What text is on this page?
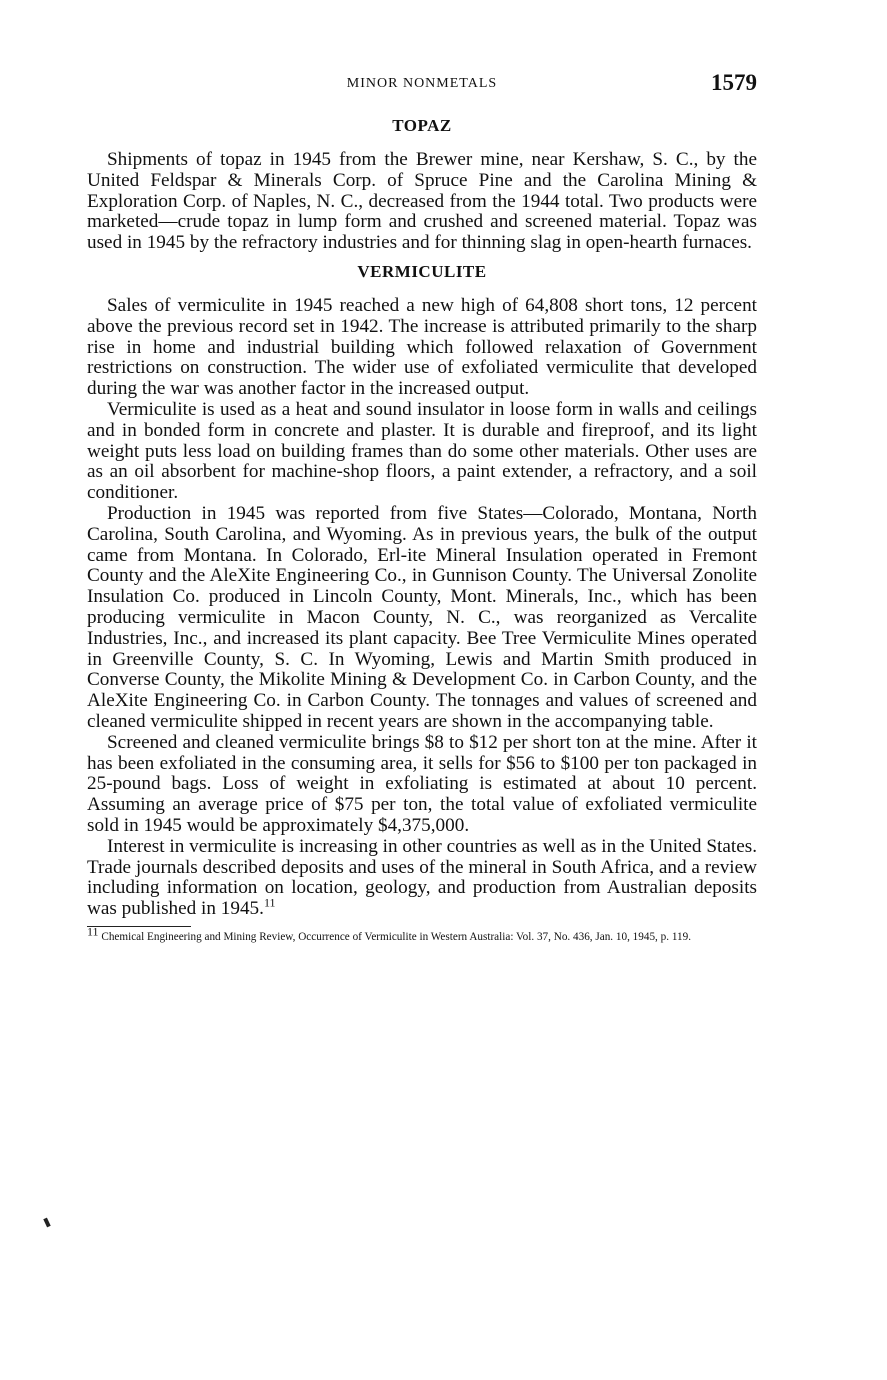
MINOR NONMETALS	1579
TOPAZ

Shipments of topaz in 1945 from the Brewer mine, near Kershaw, S. C., by the United Feldspar & Minerals Corp. of Spruce Pine and the Carolina Mining & Exploration Corp. of Naples, N. C., decreased from the 1944 total. Two products were marketed—crude topaz in lump form and crushed and screened material. Topaz was used in 1945 by the refractory industries and for thinning slag in open-hearth furnaces.

VERMICULITE

Sales of vermiculite in 1945 reached a new high of 64,808 short tons, 12 percent above the previous record set in 1942. The increase is attributed primarily to the sharp rise in home and industrial building which followed relaxation of Government restrictions on construction. The wider use of exfoliated vermiculite that developed during the war was another factor in the increased output.

Vermiculite is used as a heat and sound insulator in loose form in walls and ceilings and in bonded form in concrete and plaster. It is durable and fireproof, and its light weight puts less load on building frames than do some other materials. Other uses are as an oil absorbent for machine-shop floors, a paint extender, a refractory, and a soil conditioner.

Production in 1945 was reported from five States—Colorado, Montana, North Carolina, South Carolina, and Wyoming. As in previous years, the bulk of the output came from Montana. In Colorado, Erl-ite Mineral Insulation operated in Fremont County and the AleXite Engineering Co., in Gunnison County. The Universal Zonolite Insulation Co. produced in Lincoln County, Mont. Minerals, Inc., which has been producing vermiculite in Macon County, N. C., was reorganized as Vercalite Industries, Inc., and increased its plant capacity. Bee Tree Vermiculite Mines operated in Greenville County, S. C. In Wyoming, Lewis and Martin Smith produced in Converse County, the Mikolite Mining & Development Co. in Carbon County, and the AleXite Engineering Co. in Carbon County. The tonnages and values of screened and cleaned vermiculite shipped in recent years are shown in the accompanying table.

Screened and cleaned vermiculite brings $8 to $12 per short ton at the mine. After it has been exfoliated in the consuming area, it sells for $56 to $100 per ton packaged in 25-pound bags. Loss of weight in exfoliating is estimated at about 10 percent. Assuming an average price of $75 per ton, the total value of exfoliated vermiculite sold in 1945 would be approximately $4,375,000.

Interest in vermiculite is increasing in other countries as well as in the United States. Trade journals described deposits and uses of the mineral in South Africa, and a review including information on location, geology, and production from Australian deposits was published in 1945.11

$^{11}$ Chemical Engineering and Mining Review, Occurrence of Vermiculite in Western Australia: Vol. 37, No. 436, Jan. 10, 1945, p. 119.
